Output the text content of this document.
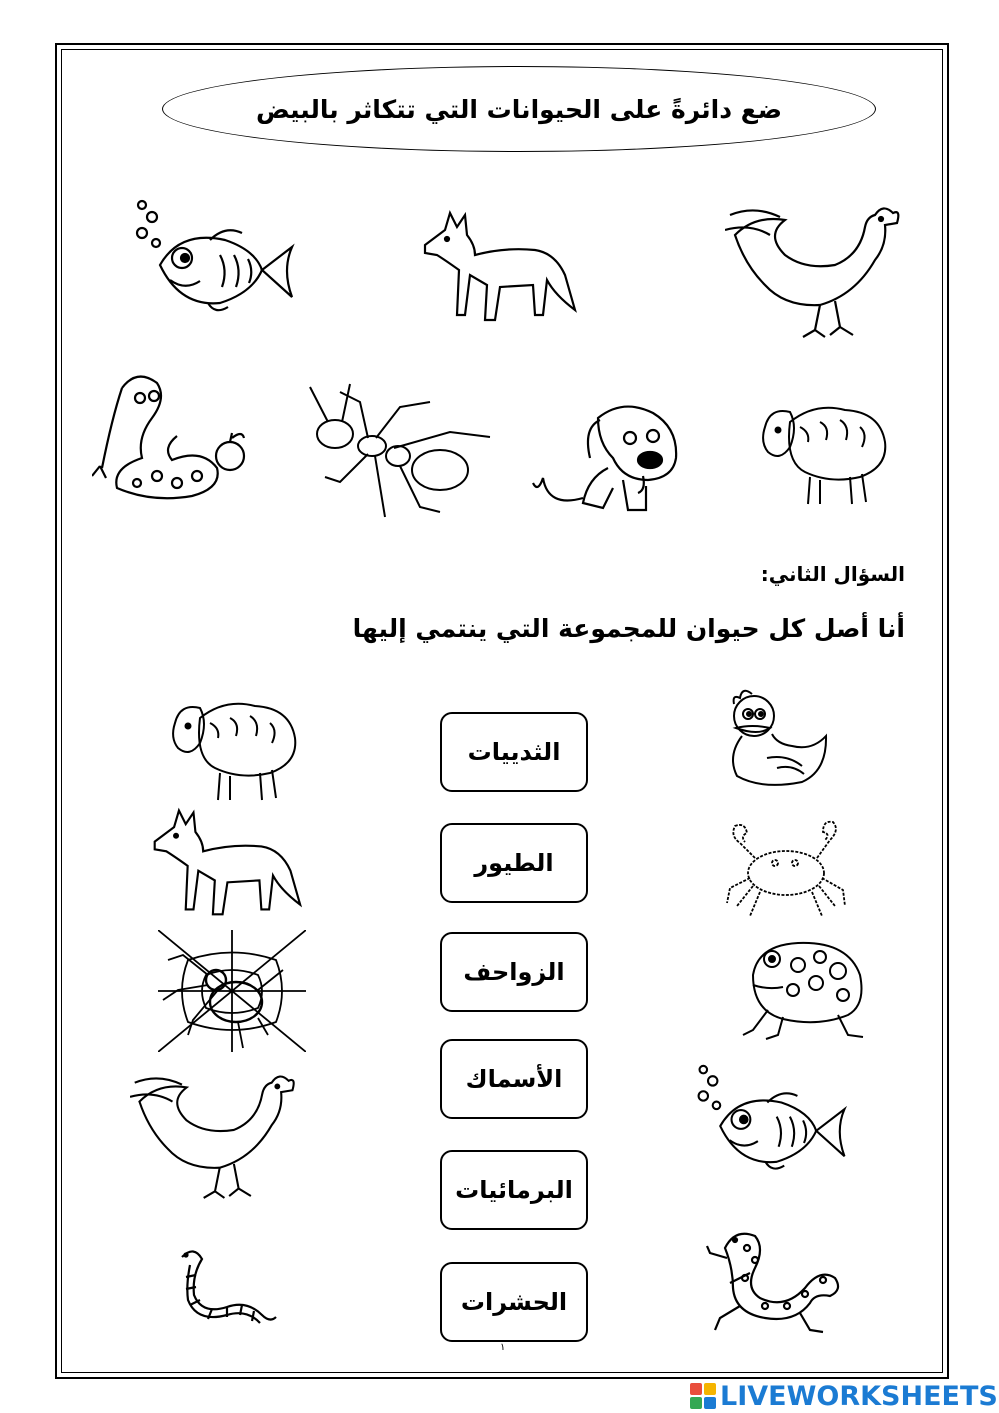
ضع دائرةً على الحيوانات التي تتكاثر بالبيض
السؤال الثاني:
أنا أصل كل حيوان للمجموعة التي ينتمي إليها
الثدييات
الطيور
الزواحف
الأسماك
البرمائيات
الحشرات
١
LIVEWORKSHEETS
